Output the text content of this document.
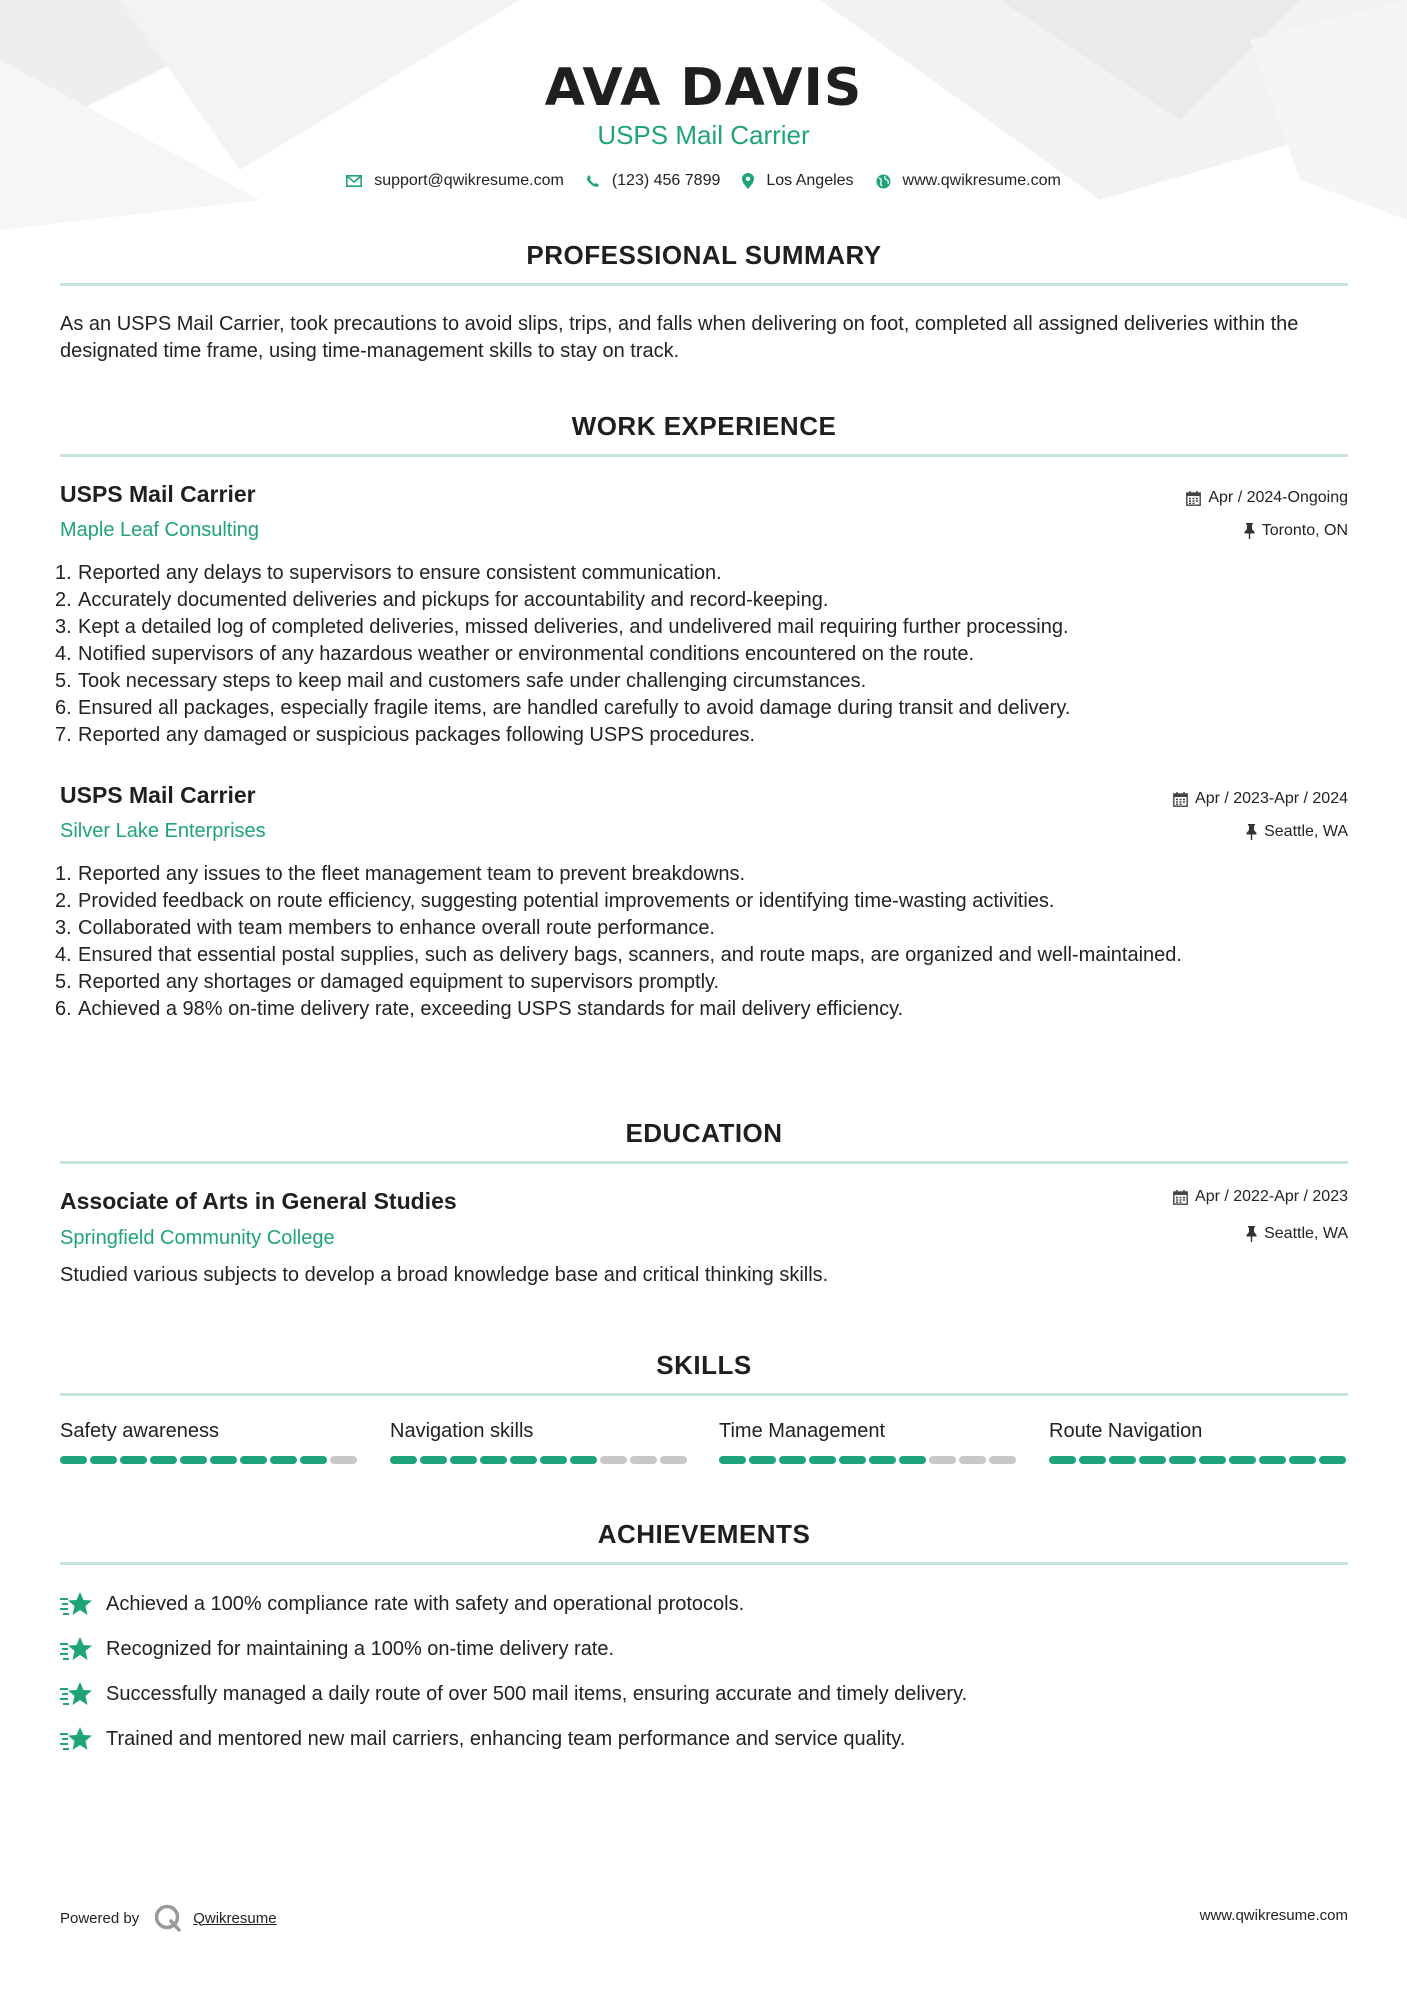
AVA DAVIS
USPS Mail Carrier
support@qwikresume.com	(123) 456 7899	Los Angeles	www.qwikresume.com
PROFESSIONAL SUMMARY
As an USPS Mail Carrier, took precautions to avoid slips, trips, and falls when delivering on foot, completed all assigned deliveries within the designated time frame, using time-management skills to stay on track.
WORK EXPERIENCE
USPS Mail Carrier	Apr / 2024-Ongoing
Maple Leaf Consulting	Toronto, ON
Reported any delays to supervisors to ensure consistent communication.
Accurately documented deliveries and pickups for accountability and record-keeping.
Kept a detailed log of completed deliveries, missed deliveries, and undelivered mail requiring further processing.
Notified supervisors of any hazardous weather or environmental conditions encountered on the route.
Took necessary steps to keep mail and customers safe under challenging circumstances.
Ensured all packages, especially fragile items, are handled carefully to avoid damage during transit and delivery.
Reported any damaged or suspicious packages following USPS procedures.
USPS Mail Carrier	Apr / 2023-Apr / 2024
Silver Lake Enterprises	Seattle, WA
Reported any issues to the fleet management team to prevent breakdowns.
Provided feedback on route efficiency, suggesting potential improvements or identifying time-wasting activities.
Collaborated with team members to enhance overall route performance.
Ensured that essential postal supplies, such as delivery bags, scanners, and route maps, are organized and well-maintained.
Reported any shortages or damaged equipment to supervisors promptly.
Achieved a 98% on-time delivery rate, exceeding USPS standards for mail delivery efficiency.
EDUCATION
Associate of Arts in General Studies	Apr / 2022-Apr / 2023
Springfield Community College	Seattle, WA
Studied various subjects to develop a broad knowledge base and critical thinking skills.
SKILLS
Safety awareness	Navigation skills	Time Management	Route Navigation
ACHIEVEMENTS
Achieved a 100% compliance rate with safety and operational protocols.
Recognized for maintaining a 100% on-time delivery rate.
Successfully managed a daily route of over 500 mail items, ensuring accurate and timely delivery.
Trained and mentored new mail carriers, enhancing team performance and service quality.
Powered by	Qwikresume	www.qwikresume.com
